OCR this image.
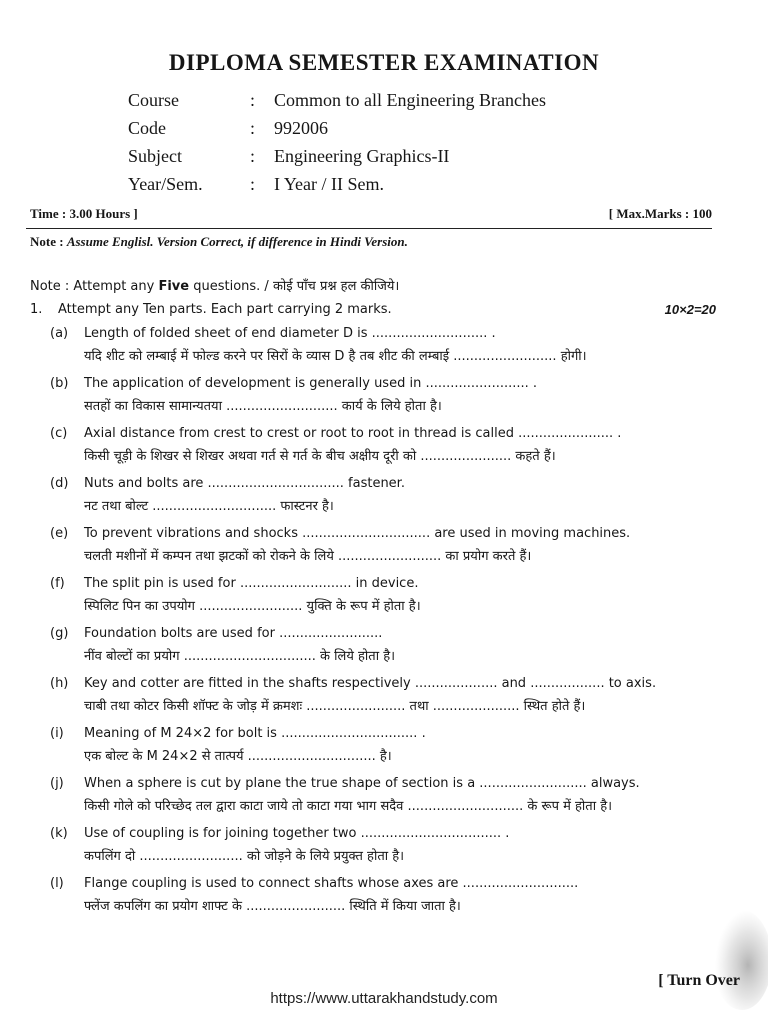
DIPLOMA SEMESTER EXAMINATION
Course	: Common to all Engineering Branches
Code	: 992006
Subject	: Engineering Graphics-II
Year/Sem.	: I Year / II Sem.
Time : 3.00 Hours ]	[ Max.Marks : 100
Note : Assume Englisl. Version Correct, if difference in Hindi Version.
Note : Attempt any Five questions. / कोई पाँच प्रश्न हल कीजिये।
1. Attempt any Ten parts. Each part carrying 2 marks.	10×2=20
(a)	Length of folded sheet of end diameter D is ............................ .
यदि शीट को लम्बाई में फोल्ड करने पर सिरों के व्यास D है तब शीट की लम्बाई ......................... होगी।
(b)	The application of development is generally used in ......................... .
सतहों का विकास सामान्यतया ........................... कार्य के लिये होता है।
(c)	Axial distance from crest to crest or root to root in thread is called ....................... .
किसी चूड़ी के शिखर से शिखर अथवा गर्त से गर्त के बीच अक्षीय दूरी को ...................... कहते हैं।
(d)	Nuts and bolts are ................................. fastener.
नट तथा बोल्ट .............................. फास्टनर है।
(e)	To prevent vibrations and shocks ............................... are used in moving machines.
चलती मशीनों में कम्पन तथा झटकों को रोकने के लिये ......................... का प्रयोग करते हैं।
(f)	The split pin is used for ........................... in device.
स्पिलिट पिन का उपयोग ......................... युक्ति के रूप में होता है।
(g)	Foundation bolts are used for .........................
नींव बोल्टों का प्रयोग ................................ के लिये होता है।
(h)	Key and cotter are fitted in the shafts respectively .................... and .................. to axis.
चाबी तथा कोटर किसी शॉफ्ट के जोड़ में क्रमशः ........................ तथा ..................... स्थित होते हैं।
(i)	Meaning of M 24×2 for bolt is ................................. .
एक बोल्ट के M 24×2 से तात्पर्य ............................... है।
(j)	When a sphere is cut by plane the true shape of section is a .......................... always.
किसी गोले को परिच्छेद तल द्वारा काटा जाये तो काटा गया भाग सदैव ............................ के रूप में होता है।
(k)	Use of coupling is for joining together two .................................. .
कपलिंग दो ......................... को जोड़ने के लिये प्रयुक्त होता है।
(l)	Flange coupling is used to connect shafts whose axes are ............................
फ्लेंज कपलिंग का प्रयोग शाफ्ट के ........................ स्थिति में किया जाता है।
[ Turn Over
https://www.uttarakhandstudy.com
